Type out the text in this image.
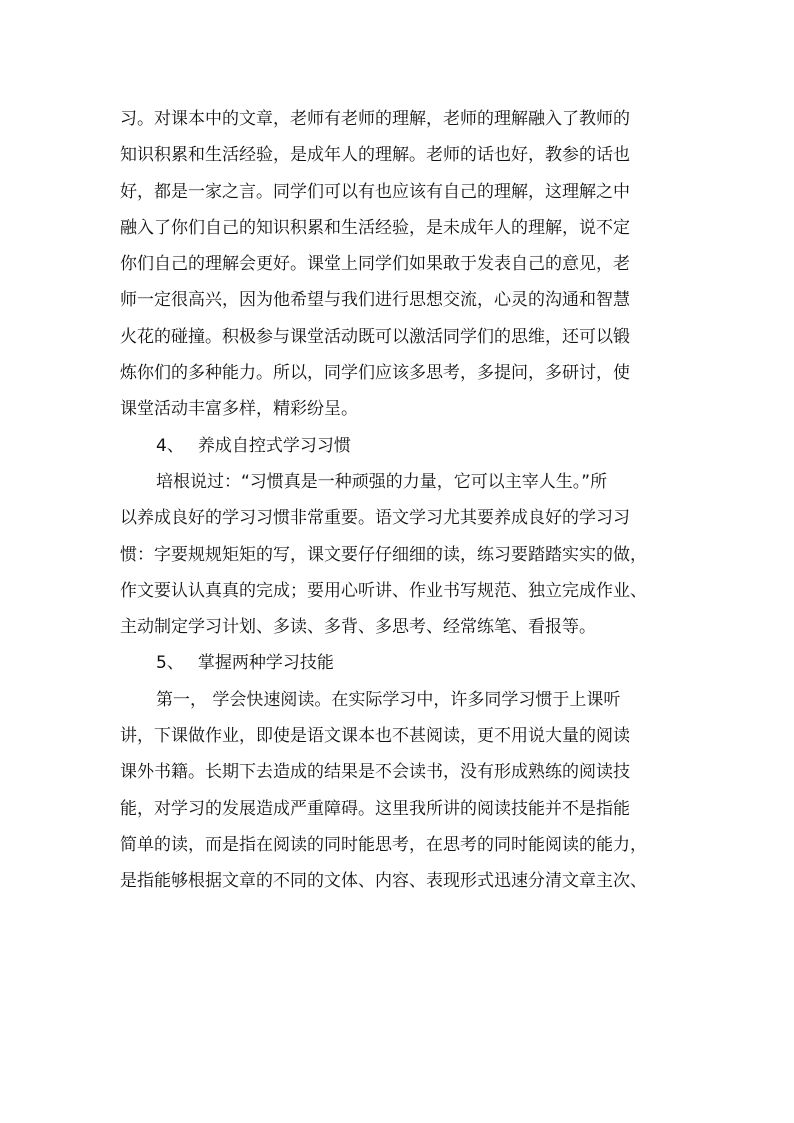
习。对课本中的文章，老师有老师的理解，老师的理解融入了教师的
知识积累和生活经验，是成年人的理解。老师的话也好，教参的话也
好，都是一家之言。同学们可以有也应该有自己的理解，这理解之中
融入了你们自己的知识积累和生活经验，是未成年人的理解，说不定
你们自己的理解会更好。课堂上同学们如果敢于发表自己的意见，老
师一定很高兴，因为他希望与我们进行思想交流，心灵的沟通和智慧
火花的碰撞。积极参与课堂活动既可以激活同学们的思维，还可以锻
炼你们的多种能力。所以，同学们应该多思考，多提问，多研讨，使
课堂活动丰富多样，精彩纷呈。
4、 养成自控式学习习惯
培根说过：“习惯真是一种顽强的力量，它可以主宰人生。”所
以养成良好的学习习惯非常重要。语文学习尤其要养成良好的学习习
惯：字要规规矩矩的写，课文要仔仔细细的读，练习要踏踏实实的做，
作文要认认真真的完成；要用心听讲、作业书写规范、独立完成作业、
主动制定学习计划、多读、多背、多思考、经常练笔、看报等。
5、 掌握两种学习技能
第一， 学会快速阅读。在实际学习中，许多同学习惯于上课听
讲，下课做作业，即使是语文课本也不甚阅读，更不用说大量的阅读
课外书籍。长期下去造成的结果是不会读书，没有形成熟练的阅读技
能，对学习的发展造成严重障碍。这里我所讲的阅读技能并不是指能
简单的读，而是指在阅读的同时能思考，在思考的同时能阅读的能力，
是指能够根据文章的不同的文体、内容、表现形式迅速分清文章主次、
